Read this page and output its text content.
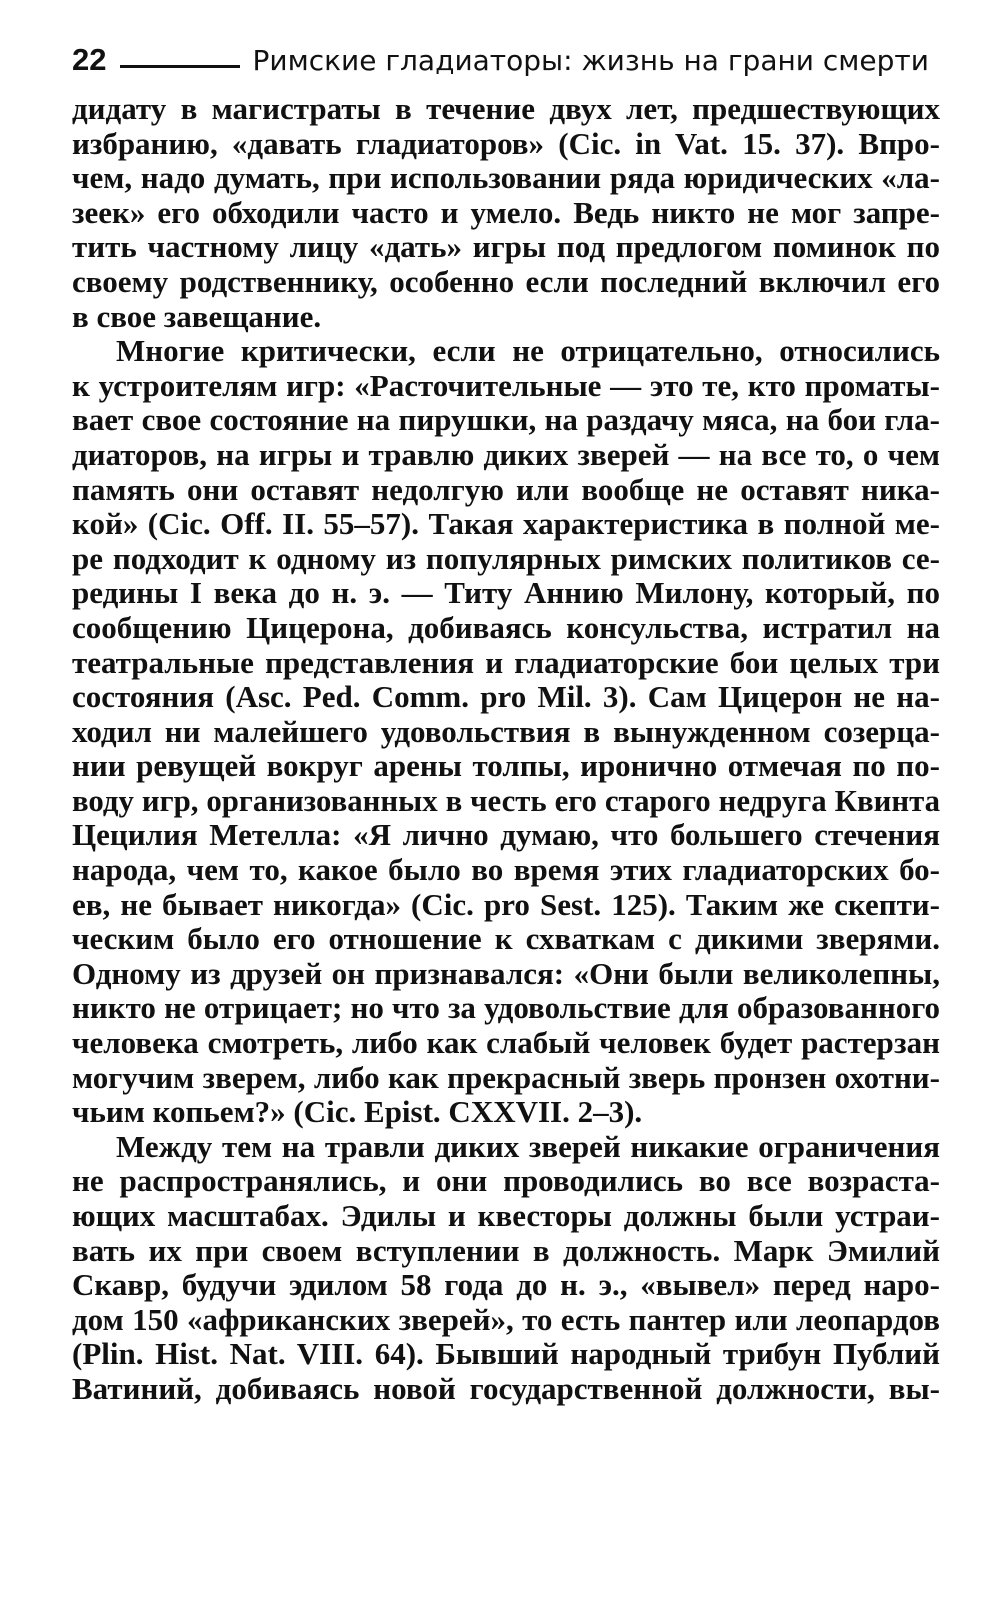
22	Римские гладиаторы: жизнь на грани смерти
дидату в магистраты в течение двух лет, предшествующих
избранию, «давать гладиаторов» (Cic. in Vat. 15. 37). Впро-
чем, надо думать, при использовании ряда юридических «ла-
зеек» его обходили часто и умело. Ведь никто не мог запре-
тить частному лицу «дать» игры под предлогом поминок по
своему родственнику, особенно если последний включил его
в свое завещание.
Многие критически, если не отрицательно, относились
к устроителям игр: «Расточительные — это те, кто проматы-
вает свое состояние на пирушки, на раздачу мяса, на бои гла-
диаторов, на игры и травлю диких зверей — на все то, о чем
память они оставят недолгую или вообще не оставят ника-
кой» (Cic. Off. II. 55–57). Такая характеристика в полной ме-
ре подходит к одному из популярных римских политиков се-
редины I века до н. э. — Титу Аннию Милону, который, по
сообщению Цицерона, добиваясь консульства, истратил на
театральные представления и гладиаторские бои целых три
состояния (Asc. Ped. Comm. pro Mil. 3). Сам Цицерон не на-
ходил ни малейшего удовольствия в вынужденном созерца-
нии ревущей вокруг арены толпы, иронично отмечая по по-
воду игр, организованных в честь его старого недруга Квинта
Цецилия Метелла: «Я лично думаю, что большего стечения
народа, чем то, какое было во время этих гладиаторских бо-
ев, не бывает никогда» (Cic. pro Sest. 125). Таким же скепти-
ческим было его отношение к схваткам с дикими зверями.
Одному из друзей он признавался: «Они были великолепны,
никто не отрицает; но что за удовольствие для образованного
человека смотреть, либо как слабый человек будет растерзан
могучим зверем, либо как прекрасный зверь пронзен охотни-
чьим копьем?» (Cic. Epist. CXXVII. 2–3).
Между тем на травли диких зверей никакие ограничения
не распространялись, и они проводились во все возраста-
ющих масштабах. Эдилы и квесторы должны были устраи-
вать их при своем вступлении в должность. Марк Эмилий
Скавр, будучи эдилом 58 года до н. э., «вывел» перед наро-
дом 150 «африканских зверей», то есть пантер или леопардов
(Plin. Hist. Nat. VIII. 64). Бывший народный трибун Публий
Ватиний, добиваясь новой государственной должности, вы-
